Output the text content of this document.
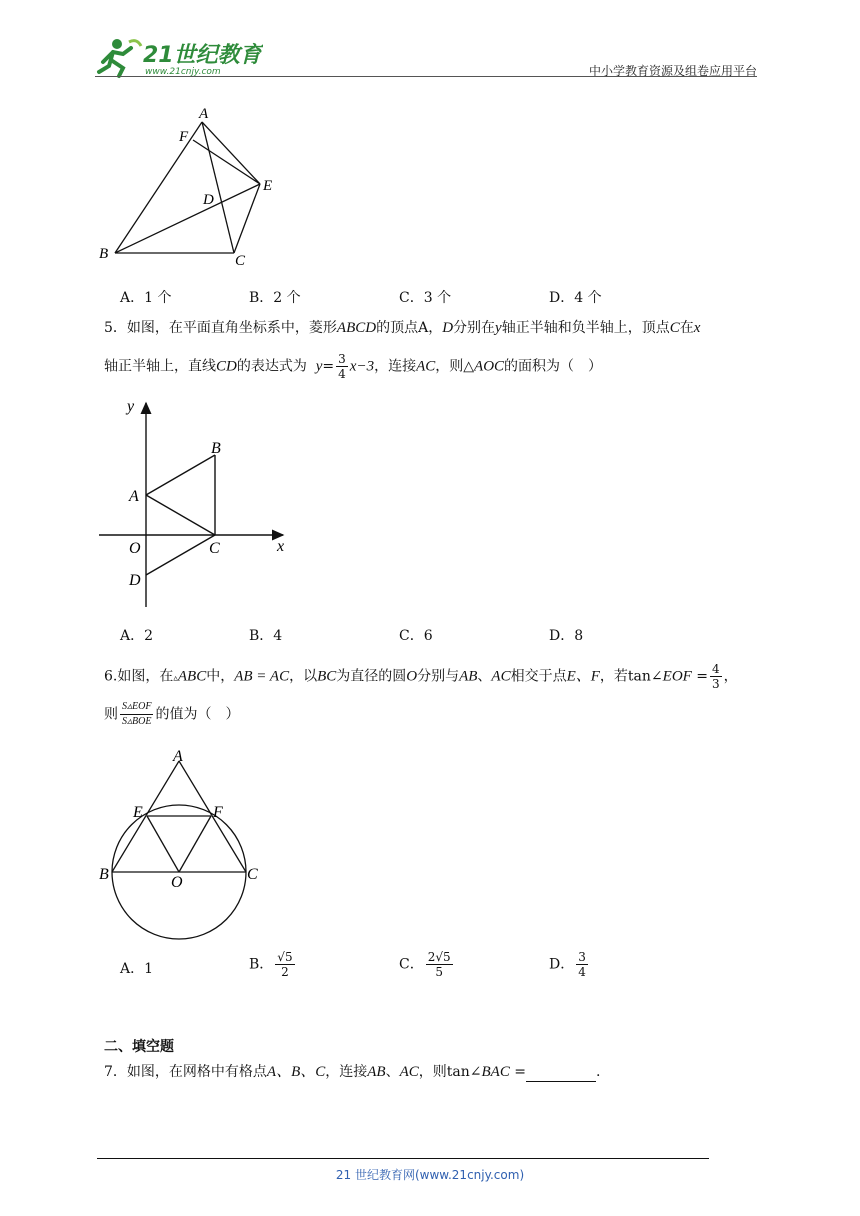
21世纪教育
www.21cnjy.com	中小学教育资源及组卷应用平台
A
F
E
D
B	C
A．1 个	B．2 个	C．3 个	D．4 个
5．如图，在平面直角坐标系中，菱形ABCD的顶点A，D分别在y轴正半轴和负半轴上，顶点C在x
轴正半轴上，直线CD的表达式为 $y= \frac{3}{4} x-3$，连接AC，则△AOC的面积为（　）
y
B
A
O	C	x
D
A．2	B．4	C．6	D．8
6.如图，在▵ABC中，AB = AC，以BC为直径的圆O分别与AB、AC相交于点E、F，若tan∠EOF = $\frac{4}{3}$ ，
则 $\frac{\text{S▵EOF}}{\text{S▵BOE}}$ 的值为（　）
A
E	F
B	O	C
A．1	B． $\frac{√5}{2}$	C． $\frac{2√5}{5}$	D． $\frac{3}{4}$
二、填空题
7．如图，在网格中有格点A、B、C，连接AB、AC，则tan∠BAC =	.
21 世纪教育网(www.21cnjy.com)
